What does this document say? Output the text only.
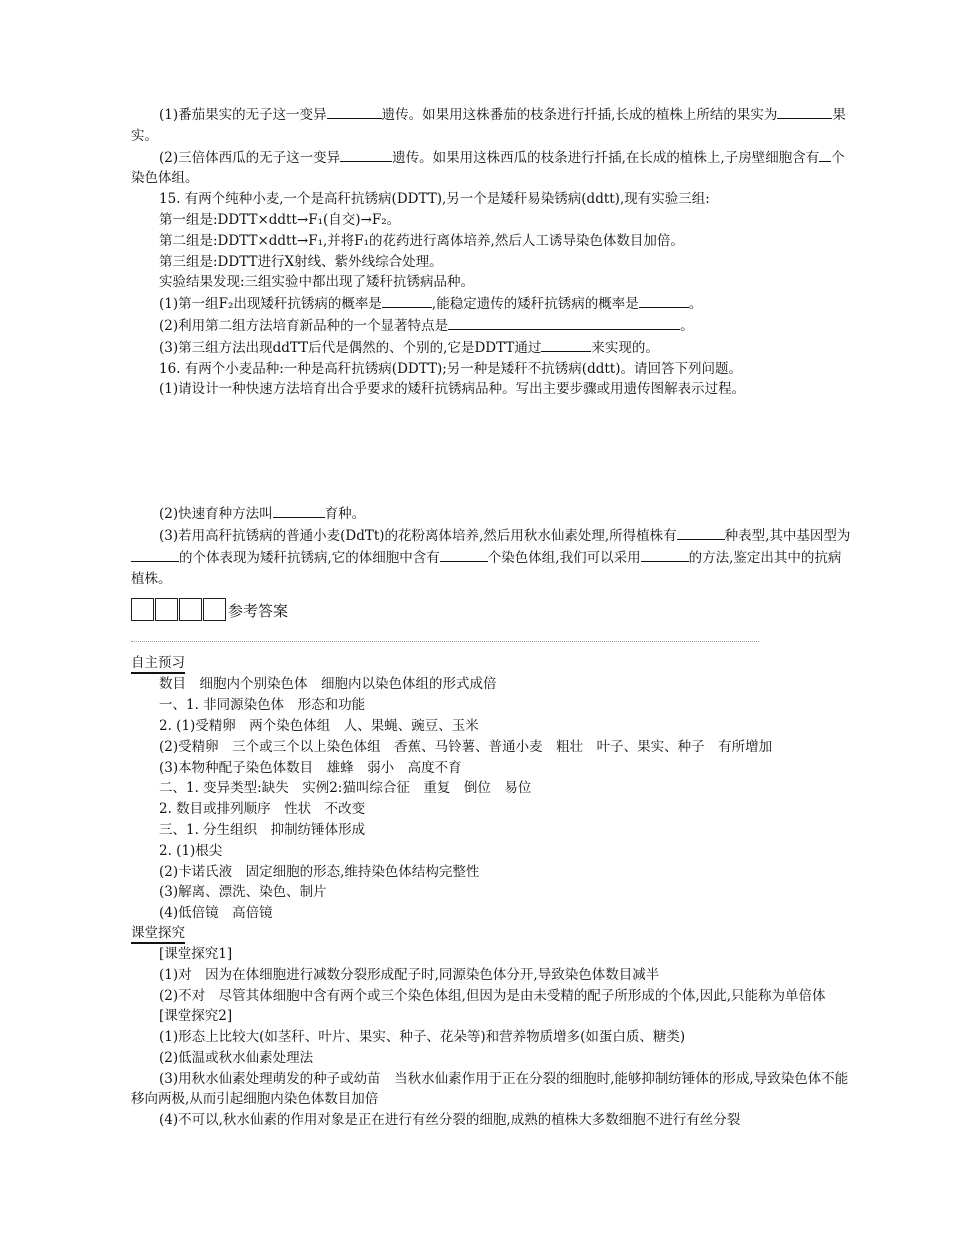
(1)番茄果实的无子这一变异	遗传。如果用这株番茄的枝条进行扦插,长成的植株上所结的果实为	果实。

(2)三倍体西瓜的无子这一变异	遗传。如果用这株西瓜的枝条进行扦插,在长成的植株上,子房壁细胞含有 个染色体组。

15. 有两个纯种小麦,一个是高秆抗锈病(DDTT),另一个是矮秆易染锈病(ddtt),现有实验三组:

第一组是:DDTT×ddtt→F₁(自交)→F₂。

第二组是:DDTT×ddtt→F₁,并将F₁的花药进行离体培养,然后人工诱导染色体数目加倍。

第三组是:DDTT进行X射线、紫外线综合处理。

实验结果发现:三组实验中都出现了矮秆抗锈病品种。

(1)第一组F₂出现矮秆抗锈病的概率是	,能稳定遗传的矮秆抗锈病的概率是	。

(2)利用第二组方法培育新品种的一个显著特点是	。

(3)第三组方法出现ddTT后代是偶然的、个别的,它是DDTT通过	来实现的。

16. 有两个小麦品种:一种是高秆抗锈病(DDTT);另一种是矮秆不抗锈病(ddtt)。请回答下列问题。

(1)请设计一种快速方法培育出合乎要求的矮秆抗锈病品种。写出主要步骤或用遗传图解表示过程。

(2)快速育种方法叫	育种。

(3)若用高秆抗锈病的普通小麦(DdTt)的花粉离体培养,然后用秋水仙素处理,所得植株有	种表型,其中基因型为的个体表现为矮秆抗锈病,它的体细胞中含有	个染色体组,我们可以采用	的方法,鉴定出其中的抗病植株。

参考答案
自主预习

数目　细胞内个别染色体　细胞内以染色体组的形式成倍

一、1. 非同源染色体　形态和功能

2. (1)受精卵　两个染色体组　人、果蝇、豌豆、玉米

(2)受精卵　三个或三个以上染色体组　香蕉、马铃薯、普通小麦　粗壮　叶子、果实、种子　有所增加

(3)本物种配子染色体数目　雄蜂　弱小　高度不育

二、1. 变异类型:缺失　实例2:猫叫综合征　重复　倒位　易位

2. 数目或排列顺序　性状　不改变

三、1. 分生组织　抑制纺锤体形成

2. (1)根尖

(2)卡诺氏液　固定细胞的形态,维持染色体结构完整性

(3)解离、漂洗、染色、制片

(4)低倍镜　高倍镜

课堂探究

[课堂探究1]

(1)对　因为在体细胞进行减数分裂形成配子时,同源染色体分开,导致染色体数目减半

(2)不对　尽管其体细胞中含有两个或三个染色体组,但因为是由未受精的配子所形成的个体,因此,只能称为单倍体

[课堂探究2]

(1)形态上比较大(如茎秆、叶片、果实、种子、花朵等)和营养物质增多(如蛋白质、糖类)

(2)低温或秋水仙素处理法

(3)用秋水仙素处理萌发的种子或幼苗　当秋水仙素作用于正在分裂的细胞时,能够抑制纺锤体的形成,导致染色体不能移向两极,从而引起细胞内染色体数目加倍

(4)不可以,秋水仙素的作用对象是正在进行有丝分裂的细胞,成熟的植株大多数细胞不进行有丝分裂
